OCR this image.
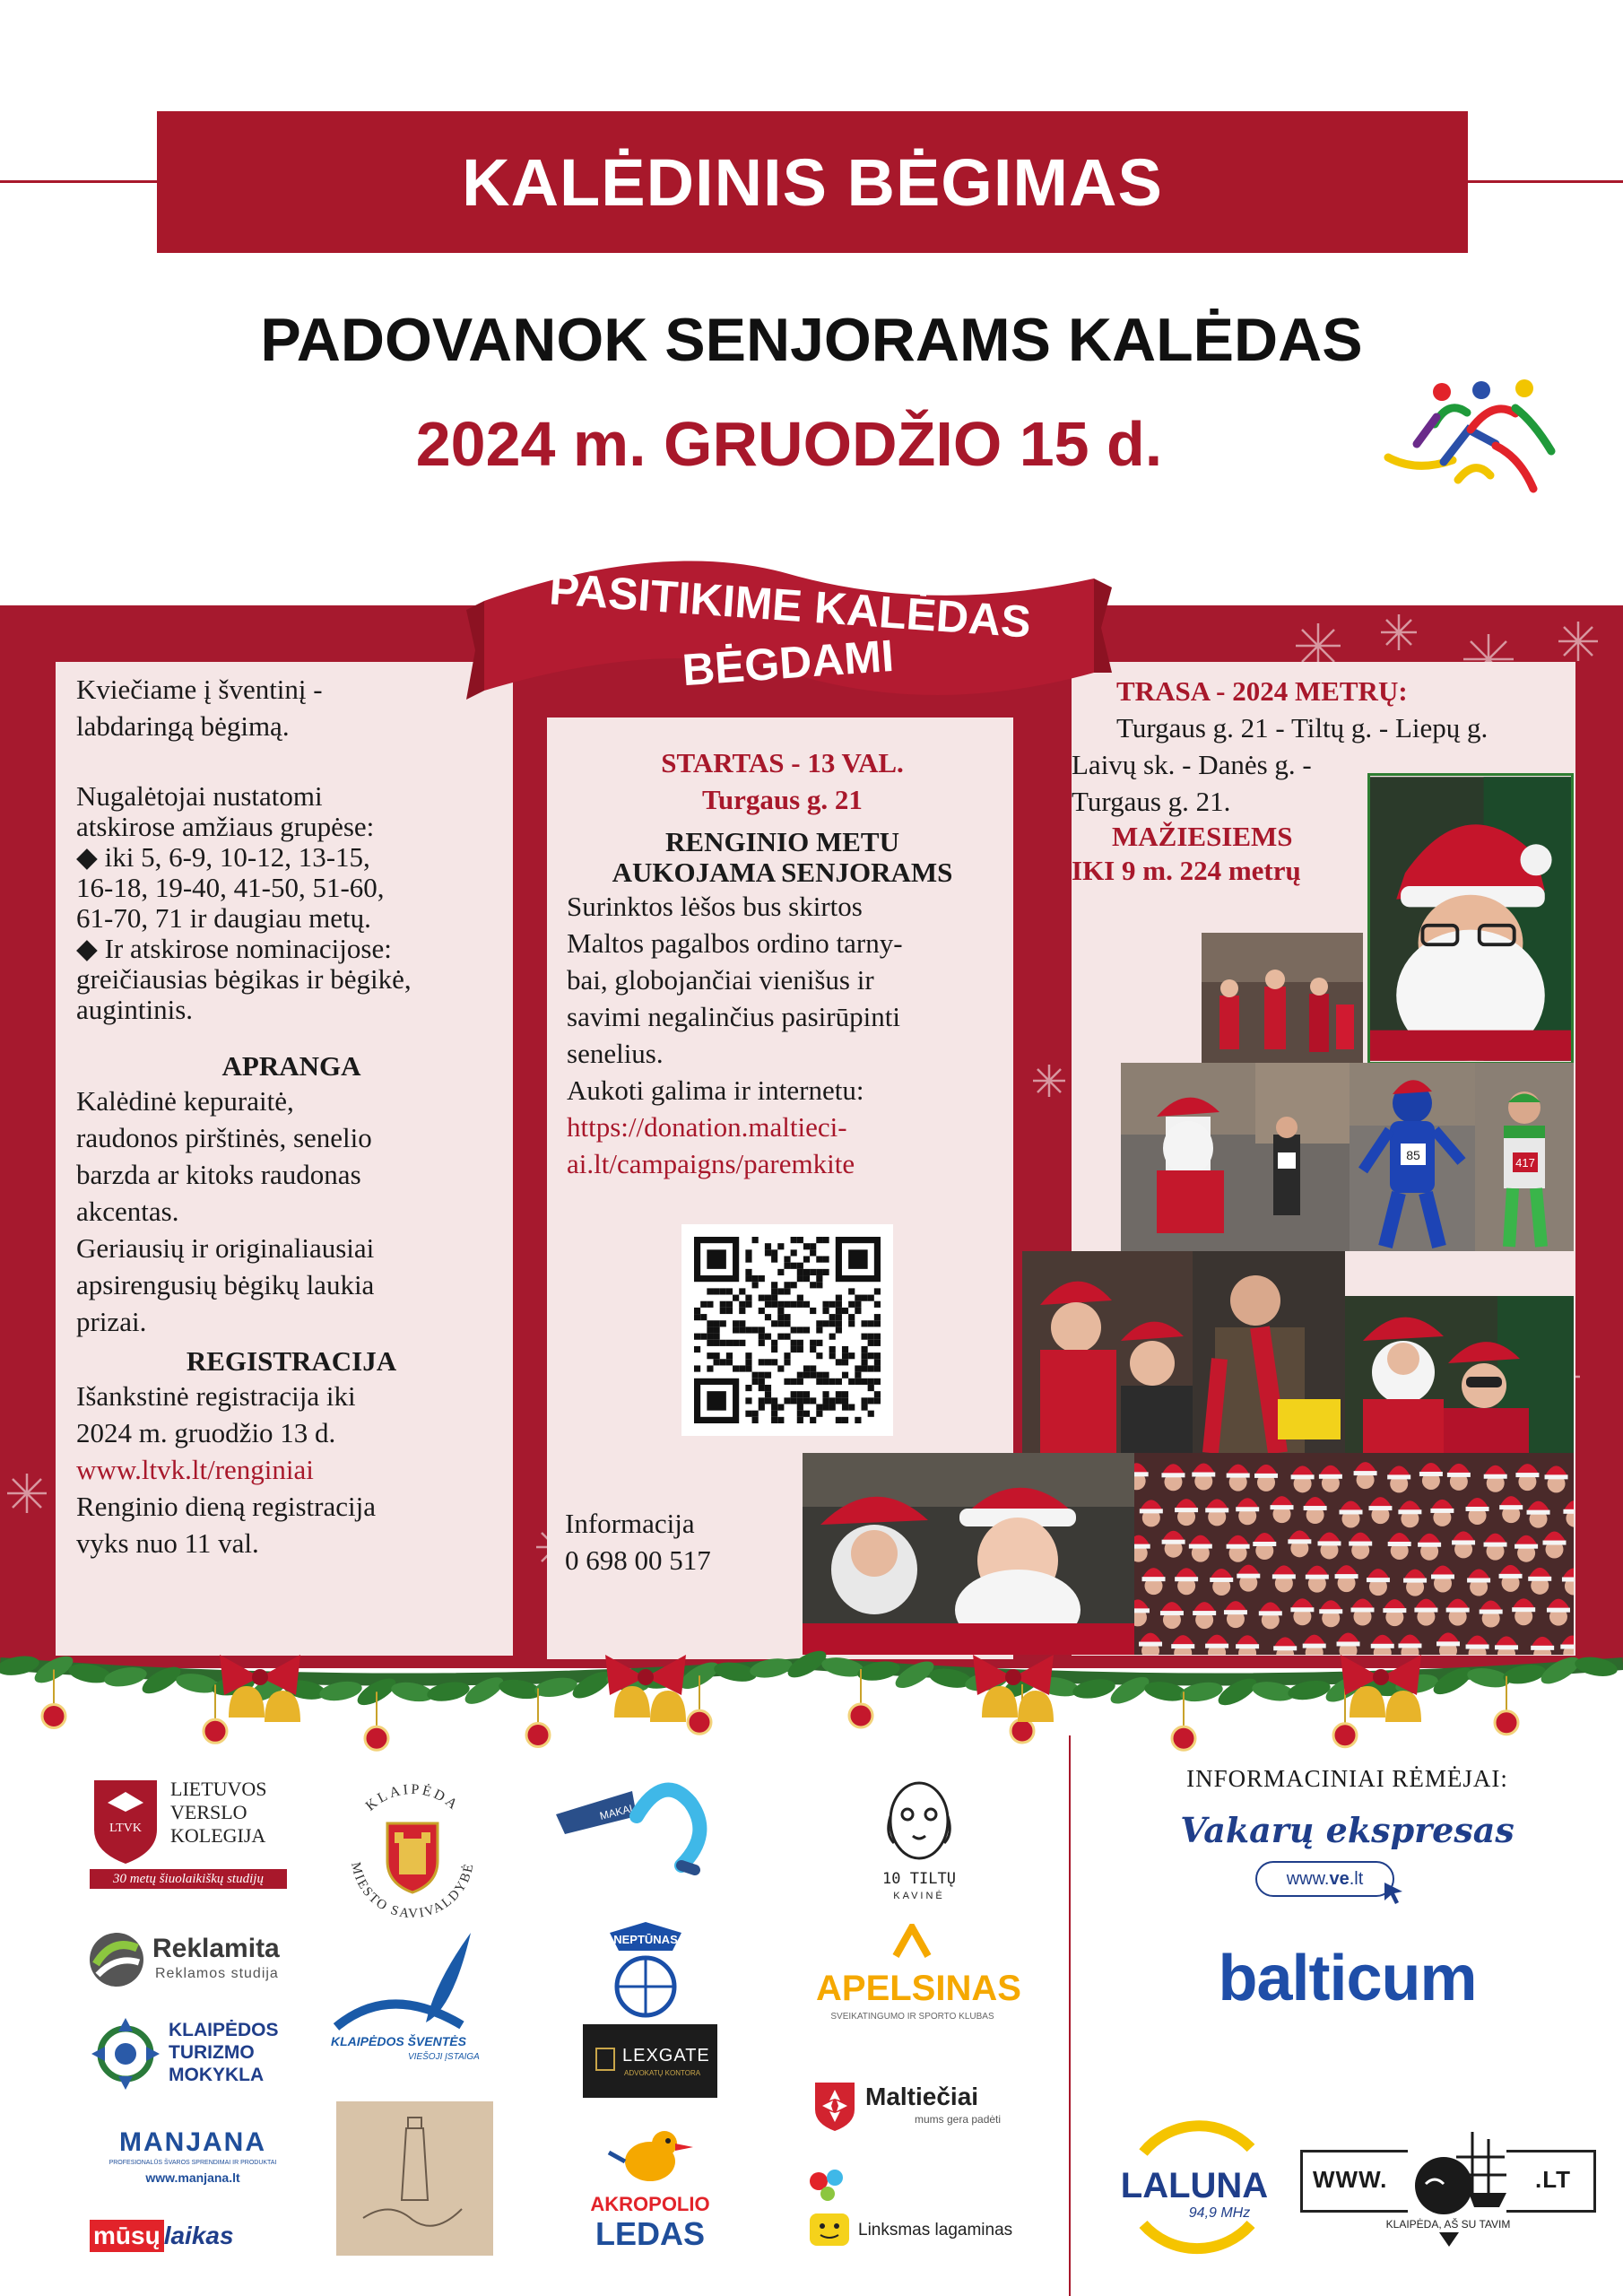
KALĖDINIS BĖGIMAS
PADOVANOK SENJORAMS KALĖDAS
2024 m. GRUODŽIO 15 d.
PASITIKIME KALĖDAS
BĖGDAMI
Kviečiame į šventinį -
labdaringą bėgimą.
Nugalėtojai nustatomi
atskirose amžiaus grupėse:
◆ iki 5, 6-9, 10-12, 13-15,
16-18, 19-40, 41-50, 51-60,
61-70, 71 ir daugiau metų.
◆ Ir atskirose nominacijose:
greičiausias bėgikas ir bėgikė,
augintinis.
APRANGA
Kalėdinė kepuraitė,
raudonos pirštinės, senelio
barzda ar kitoks raudonas
akcentas.
Geriausių ir originaliausiai
apsirengusių bėgikų laukia
prizai.
REGISTRACIJA
Išankstinė registracija iki
2024 m. gruodžio 13 d.
www.ltvk.lt/renginiai
Renginio dieną registracija
vyks nuo 11 val.
STARTAS - 13 VAL.
Turgaus g. 21
RENGINIO METU
AUKOJAMA SENJORAMS
Surinktos lėšos bus skirtos
Maltos pagalbos ordino tarny-
bai, globojančiai vienišus ir
savimi negalinčius pasirūpinti
senelius.
Aukoti galima ir internetu:
https://donation.maltieci-
ai.lt/campaigns/paremkite
Informacija
0 698 00 517
TRASA - 2024 METRŲ:
Turgaus g. 21 - Tiltų g. - Liepų g.
Laivų sk. - Danės g. -
Turgaus g. 21.
MAŽIESIEMS
IKI 9 m. 224 metrų
85
417
LTVK
LIETUVOS
VERSLO
KOLEGIJA
30 metų šiuolaikiškų studijų
KLAIPĖDA
MIESTO SAVIVALDYBĖ
MAKALIUS
10 TILTŲ
KAVINĖ
Reklamita
Reklamos studija
KLAIPĖDOS ŠVENTĖS
VIEŠOJI ĮSTAIGA
NEPTŪNAS
APELSINAS
SVEIKATINGUMO IR SPORTO KLUBAS
KLAIPĖDOS
TURIZMO
MOKYKLA
LEXGATE
ADVOKATŲ KONTORA
Maltiečiai
mums gera padėti
MANJANA
PROFESIONALŪS ŠVAROS SPRENDIMAI IR PRODUKTAI
www.manjana.lt
AKROPOLIO
LEDAS	Linksmas lagaminas
mūsų laikas
INFORMACINIAI RĖMĖJAI:
Vakarų ekspresas
www.ve.lt
balticum
LALUNA
94,9 MHz
WWW.	.LT
KLAIPĖDA, AŠ SU TAVIM
